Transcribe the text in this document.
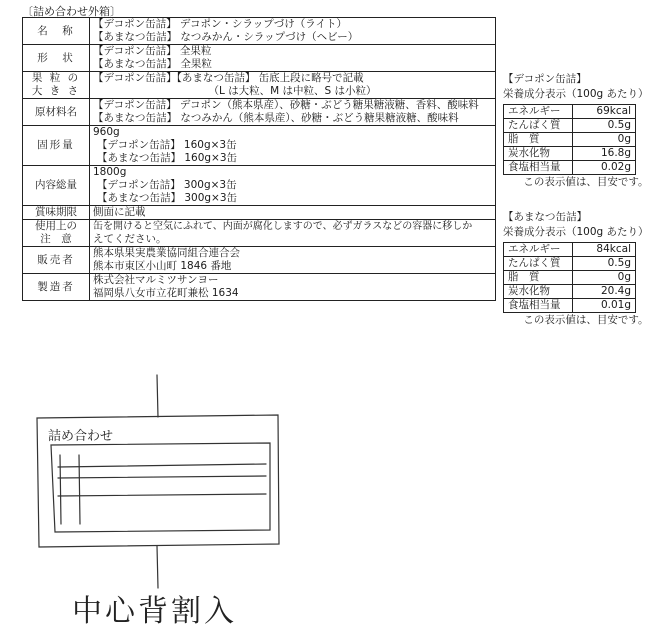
〔詰め合わせ外箱〕
名　称	【デコポン缶詰】 デコポン・シラップづけ（ライト）
【あまなつ缶詰】 なつみかん・シラップづけ（ヘビー）

形　状	【デコポン缶詰】 全果粒
【あまなつ缶詰】 全果粒

果 粒 の
大 き さ	【デコポン缶詰】【あまなつ缶詰】 缶底上段に略号で記載
（L は大粒、M は中粒、S は小粒）

原材料名	【デコポン缶詰】 デコポン（熊本県産）、砂糖・ぶどう糖果糖液糖、香料、酸味料
【あまなつ缶詰】 なつみかん（熊本県産）、砂糖・ぶどう糖果糖液糖、酸味料

固形量	960g
【デコポン缶詰】 160g×3缶
【あまなつ缶詰】 160g×3缶

内容総量	1800g
【デコポン缶詰】 300g×3缶
【あまなつ缶詰】 300g×3缶

賞味期限	側面に記載

使用上の
注　意	缶を開けると空気にふれて、内面が腐化しますので、必ずガラスなどの容器に移しか
えてください。

販売者	熊本県果実農業協同組合連合会
熊本市東区小山町 1846 番地

製造者	株式会社マルミツサンヨー
福岡県八女市立花町兼松 1634
【デコポン缶詰】
栄養成分表示（100g あたり）
エネルギー	69kcal
たんぱく質	0.5g
脂　質	0g
炭水化物	16.8g
食塩相当量	0.02g
この表示値は、目安です。
【あまなつ缶詰】
栄養成分表示（100g あたり）
エネルギー	84kcal
たんぱく質	0.5g
脂　質	0g
炭水化物	20.4g
食塩相当量	0.01g
この表示値は、目安です。
詰め合わせ
中心背割入
